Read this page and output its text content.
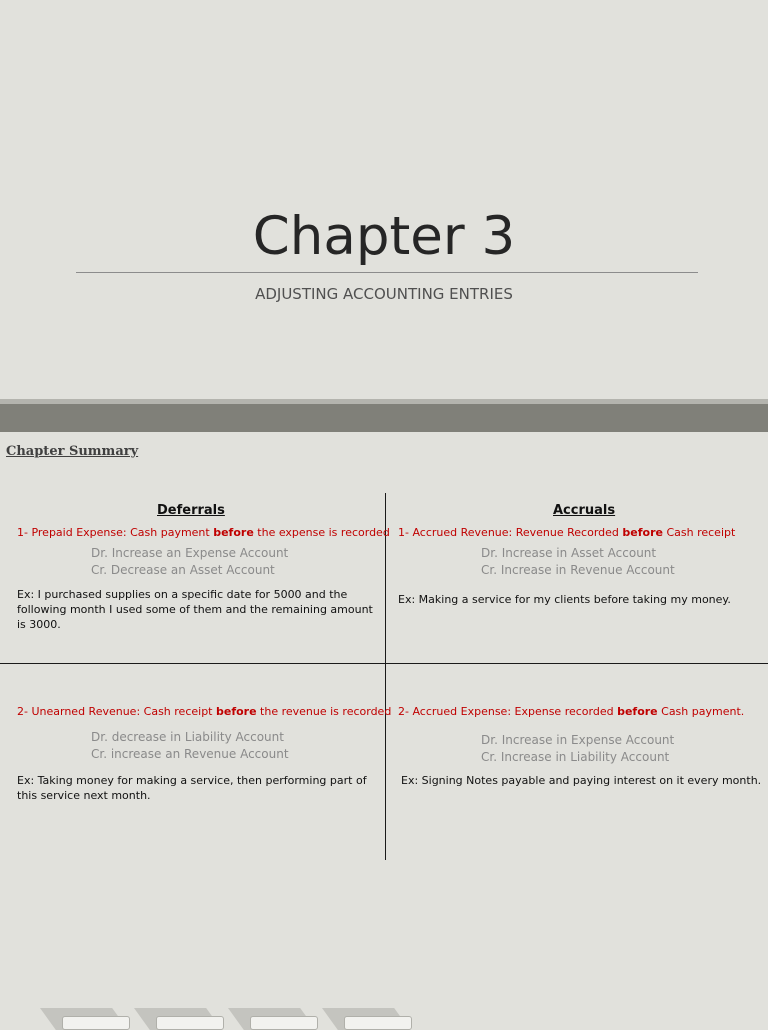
Chapter 3
ADJUSTING ACCOUNTING ENTRIES
Chapter Summary
Deferrals
1- Prepaid Expense: Cash payment before the expense is recorded
Dr. Increase an Expense Account
Cr. Decrease an Asset Account
Ex: I purchased supplies on a specific date for 5000 and the following month I used some of them and the remaining amount is 3000.
2- Unearned Revenue: Cash receipt before the revenue is recorded
Dr. decrease in Liability Account
Cr. increase an Revenue Account
Ex: Taking money for making a service, then performing part of this service next month.
Accruals
1- Accrued Revenue: Revenue Recorded before Cash receipt
Dr. Increase in Asset Account
Cr. Increase in Revenue Account
Ex: Making a service for my clients before taking my money.
2- Accrued Expense: Expense recorded before Cash payment.
Dr. Increase in Expense Account
Cr. Increase in Liability Account
Ex: Signing Notes payable and paying interest on it every month.
